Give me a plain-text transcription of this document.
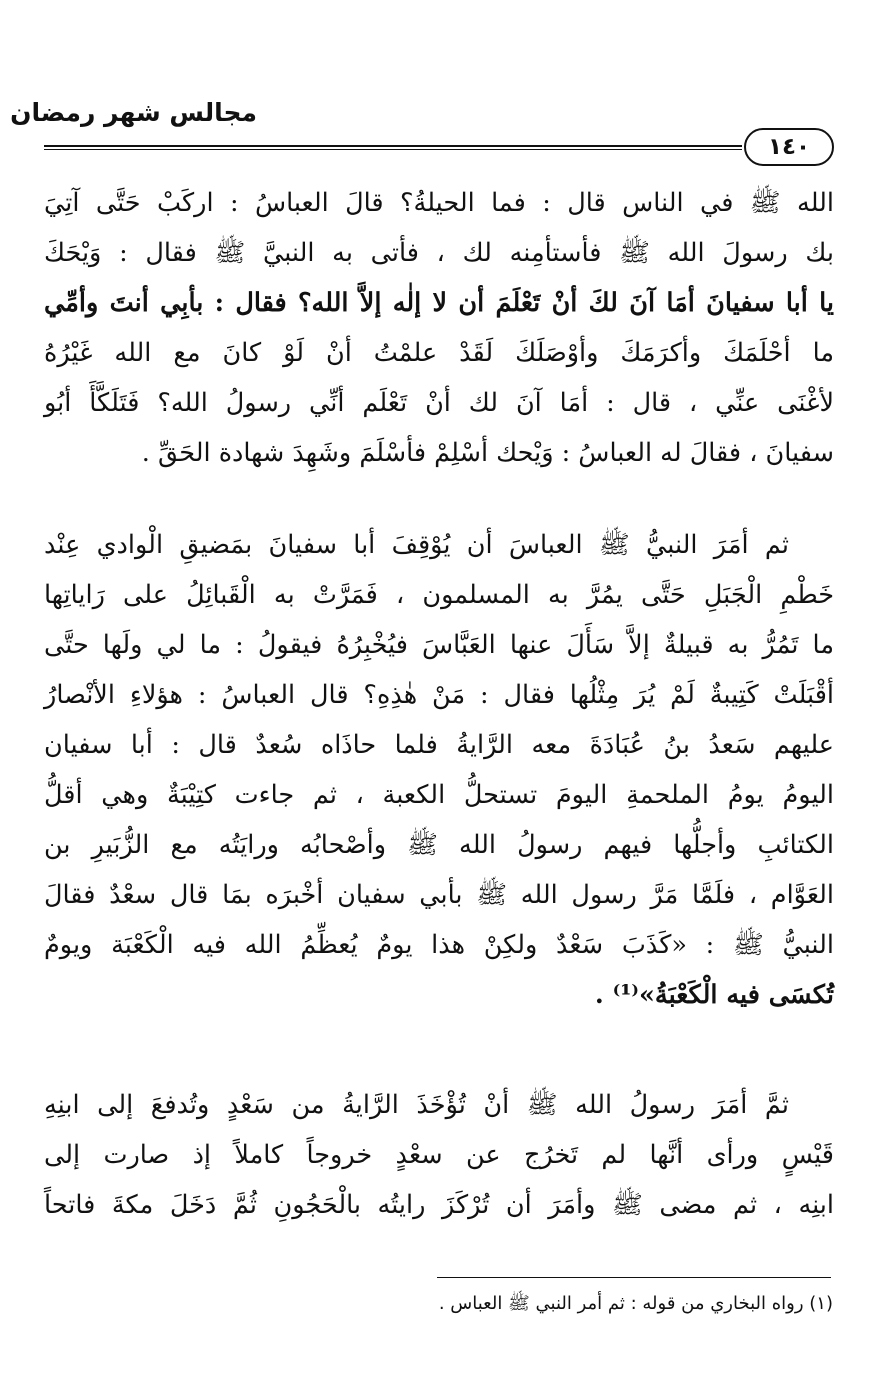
مجالس شهر رمضان
١٤٠
الله ﷺ في الناس قال : فما الحيلةُ؟ قالَ العباسُ : اركَبْ حَتَّى آتِيَ
بك رسولَ الله ﷺ فأستأمِنه لك ، فأتى به النبيَّ ﷺ فقال : وَيْحَكَ
يا أبا سفيانَ أمَا آنَ لكَ أنْ تَعْلَمَ أن لا إلٰه إلاَّ الله؟ فقال : بأبِي أنتَ وأمِّي
ما أحْلَمَكَ وأكرَمَكَ وأوْصَلَكَ لَقَدْ علمْتُ أنْ لَوْ كانَ مع الله غَيْرُهُ
لأغْنَى عنِّي ، قال : أمَا آنَ لك أنْ تَعْلَم أنِّي رسولُ الله؟ فَتَلَكَّأَ أبُو
سفيانَ ، فقالَ له العباسُ : وَيْحك أسْلِمْ فأسْلَمَ وشَهِدَ شهادة الحَقِّ .
ثم أمَرَ النبيُّ ﷺ العباسَ أن يُوْقِفَ أبا سفيانَ بمَضيقِ الْوادي عِنْد
خَطْمِ الْجَبَلِ حَتَّى يمُرَّ به المسلمون ، فَمَرَّتْ به الْقَبائِلُ على رَاياتِها
ما تَمُرُّ به قبيلةٌ إلاَّ سَأَلَ عنها العَبَّاسَ فيُخْبِرُهُ فيقولُ : ما لي ولَها حتَّى
أقْبَلَتْ كَتِيبةٌ لَمْ يُرَ مِثْلُها فقال : مَنْ هٰذِهِ؟ قال العباسُ : هؤلاءِ الأنْصارُ
عليهم سَعدُ بنُ عُبَادَةَ معه الرَّايةُ فلما حاذَاه سُعدٌ قال : أبا سفيان
اليومُ يومُ الملحمةِ اليومَ تستحلُّ الكعبة ، ثم جاءت كتِيْبَةٌ وهي أقلُّ
الكتائبِ وأجلُّها فيهم رسولُ الله ﷺ وأصْحابُه ورايَتُه مع الزُّبَيرِ بن
العَوَّام ، فلَمَّا مَرَّ رسول الله ﷺ بأبي سفيان أخْبرَه بمَا قال سعْدٌ فقالَ
النبيُّ ﷺ : «كَذَبَ سَعْدٌ ولكِنْ هذا يومٌ يُعظِّمُ الله فيه الْكَعْبَة ويومٌ
تُكسَى فيه الْكَعْبَةُ»⁽¹⁾ .
ثمَّ أمَرَ رسولُ الله ﷺ أنْ تُؤْخَذَ الرَّايةُ من سَعْدٍ وتُدفعَ إلى ابنِهِ
قَيْسٍ ورأى أنَّها لم تَخرُج عن سعْدٍ خروجاً كاملاً إذ صارت إلى
ابنِه ، ثم مضى ﷺ وأمَرَ أن تُرْكَزَ رايتُه بالْحَجُونِ ثُمَّ دَخَلَ مكةَ فاتحاً
(١) رواه البخاري من قوله : ثم أمر النبي ﷺ العباس .
